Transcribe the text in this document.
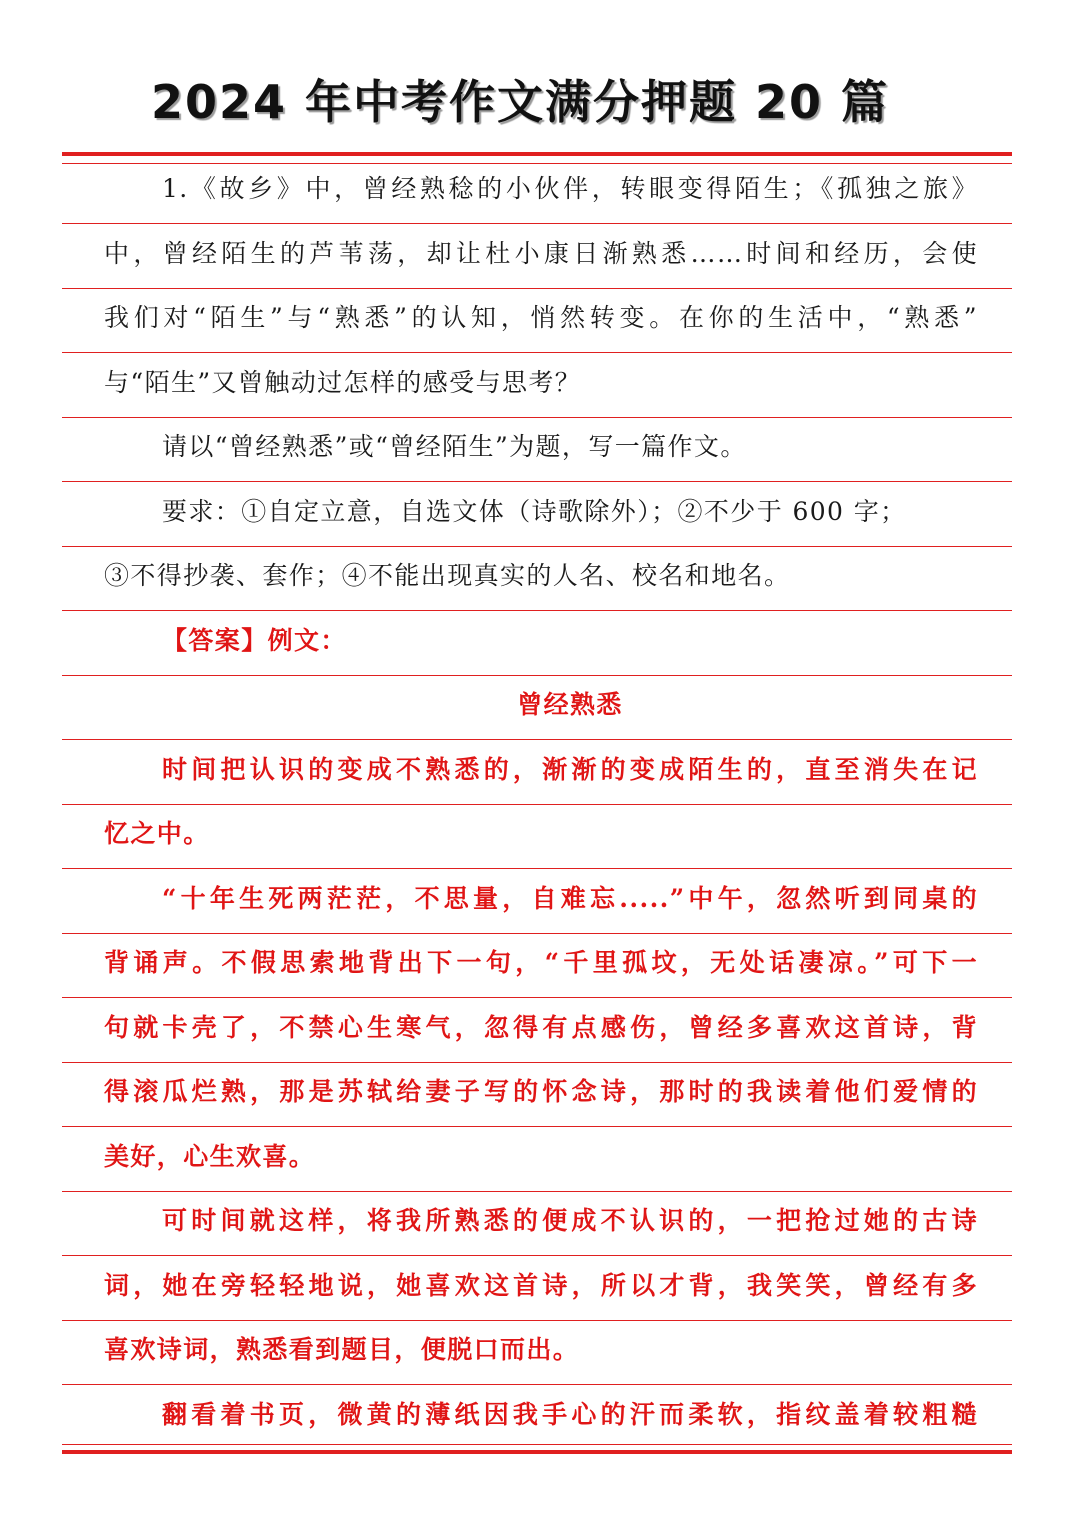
2024 年中考作文满分押题 20 篇
1.《故乡》中，曾经熟稔的小伙伴，转眼变得陌生；《孤独之旅》
中，曾经陌生的芦苇荡，却让杜小康日渐熟悉……时间和经历，会使
我们对“陌生”与“熟悉”的认知，悄然转变。在你的生活中，“熟悉”
与“陌生”又曾触动过怎样的感受与思考？
请以“曾经熟悉”或“曾经陌生”为题，写一篇作文。
要求：①自定立意，自选文体（诗歌除外）；②不少于 600 字；
③不得抄袭、套作；④不能出现真实的人名、校名和地名。
【答案】例文：
曾经熟悉
时间把认识的变成不熟悉的，渐渐的变成陌生的，直至消失在记
忆之中。
“十年生死两茫茫，不思量，自难忘.....”中午，忽然听到同桌的
背诵声。不假思索地背出下一句，“千里孤坟，无处话凄凉。”可下一
句就卡壳了，不禁心生寒气，忽得有点感伤，曾经多喜欢这首诗，背
得滚瓜烂熟，那是苏轼给妻子写的怀念诗，那时的我读着他们爱情的
美好，心生欢喜。
可时间就这样，将我所熟悉的便成不认识的，一把抢过她的古诗
词，她在旁轻轻地说，她喜欢这首诗，所以才背，我笑笑，曾经有多
喜欢诗词，熟悉看到题目，便脱口而出。
翻看着书页，微黄的薄纸因我手心的汗而柔软，指纹盖着较粗糙
